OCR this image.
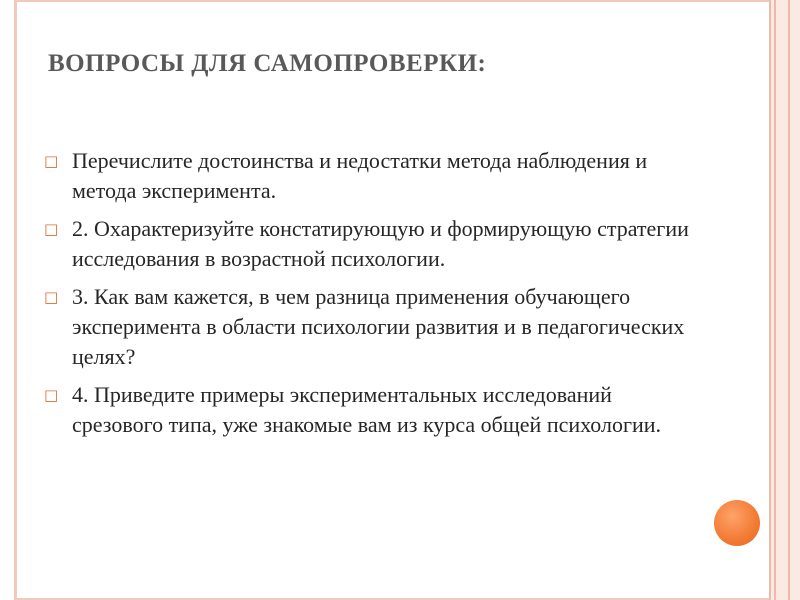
ВОПРОСЫ ДЛЯ САМОПРОВЕРКИ:
□ Перечислите достоинства и недостатки метода наблюдения и метода эксперимента.
□ 2. Охарактеризуйте констатирующую и формирующую стратегии исследования в возрастной психологии.
□ 3. Как вам кажется, в чем разница применения обучающего эксперимента в области психологии развития и в педагогических целях?
□ 4. Приведите примеры экспериментальных исследований срезового типа, уже знакомые вам из курса общей психологии.
